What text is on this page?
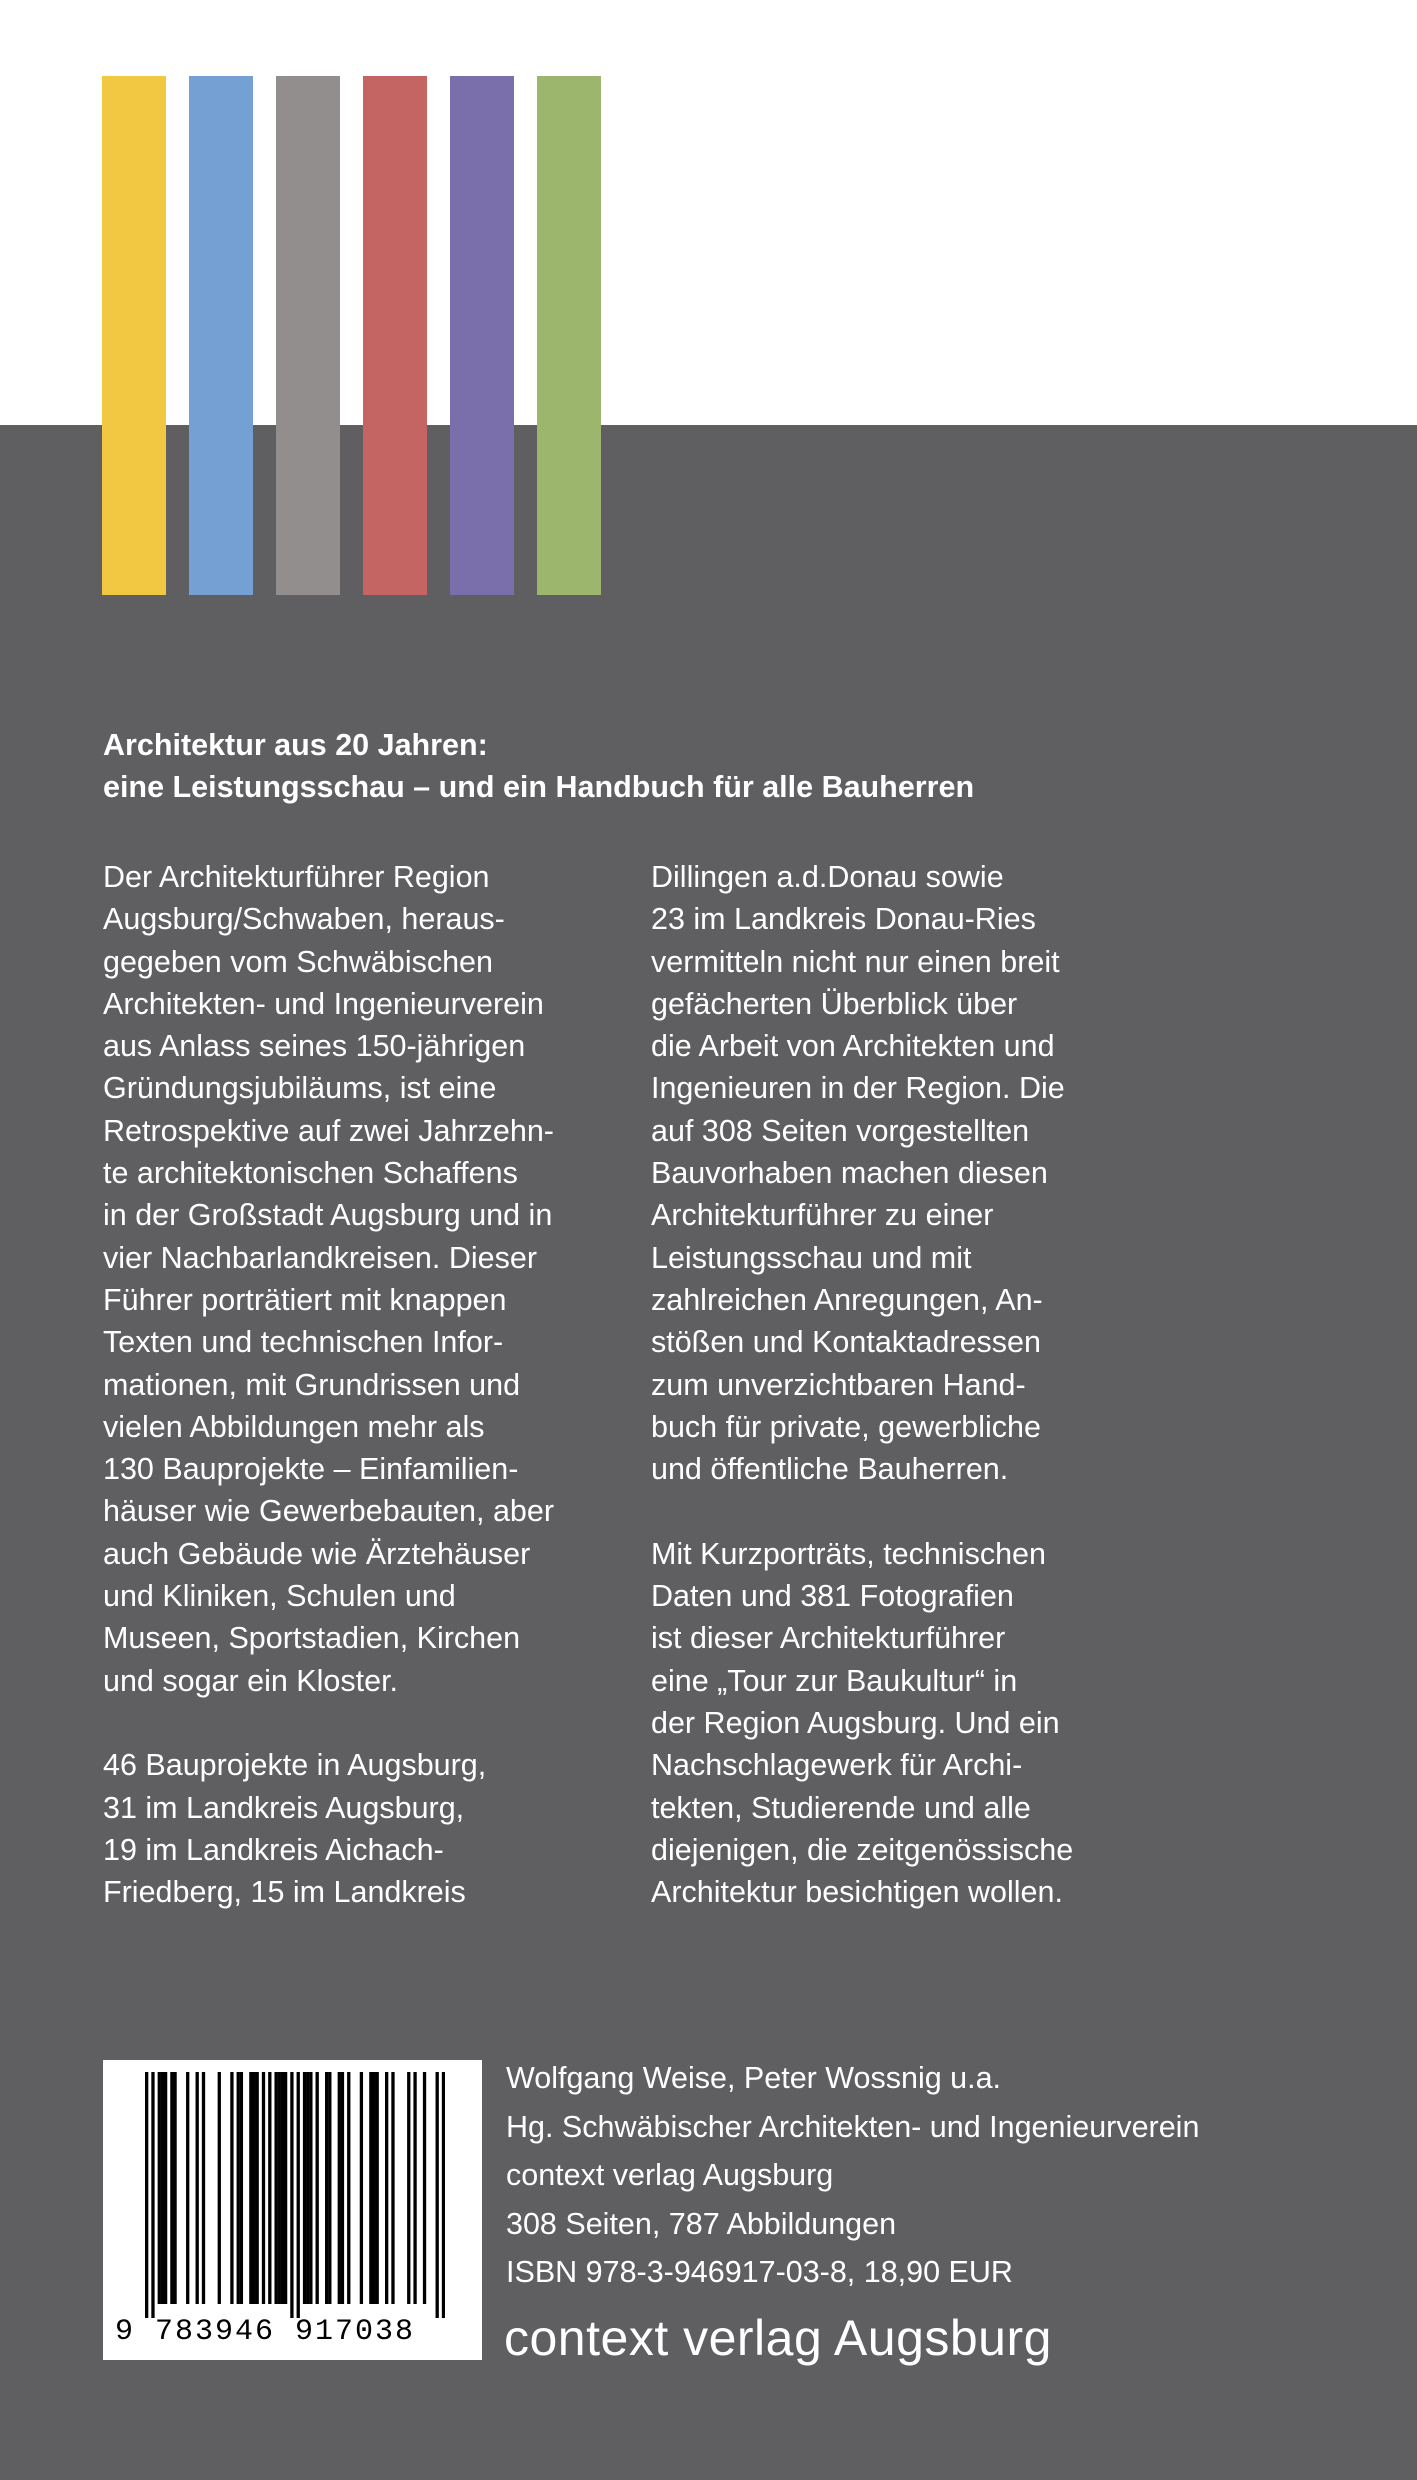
Architektur aus 20 Jahren:
eine Leistungsschau – und ein Handbuch für alle Bauherren

Der Architekturführer Region
Augsburg/Schwaben, heraus-
gegeben vom Schwäbischen
Architekten- und Ingenieurverein
aus Anlass seines 150-jährigen
Gründungsjubiläums, ist eine
Retrospektive auf zwei Jahrzehn-
te architektonischen Schaffens
in der Großstadt Augsburg und in
vier Nachbarlandkreisen. Dieser
Führer porträtiert mit knappen
Texten und technischen Infor-
mationen, mit Grundrissen und
vielen Abbildungen mehr als
130 Bauprojekte – Einfamilien-
häuser wie Gewerbebauten, aber
auch Gebäude wie Ärztehäuser
und Kliniken, Schulen und
Museen, Sportstadien, Kirchen
und sogar ein Kloster.

46 Bauprojekte in Augsburg,
31 im Landkreis Augsburg,
19 im Landkreis Aichach-
Friedberg, 15 im Landkreis

Dillingen a.d.Donau sowie
23 im Landkreis Donau-Ries
vermitteln nicht nur einen breit
gefächerten Überblick über
die Arbeit von Architekten und
Ingenieuren in der Region. Die
auf 308 Seiten vorgestellten
Bauvorhaben machen diesen
Architekturführer zu einer
Leistungsschau und mit
zahlreichen Anregungen, An-
stößen und Kontaktadressen
zum unverzichtbaren Hand-
buch für private, gewerbliche
und öffentliche Bauherren.

Mit Kurzporträts, technischen
Daten und 381 Fotografien
ist dieser Architekturführer
eine „Tour zur Baukultur“ in
der Region Augsburg. Und ein
Nachschlagewerk für Archi-
tekten, Studierende und alle
diejenigen, die zeitgenössische
Architektur besichtigen wollen.

9 783946 917038
Wolfgang Weise, Peter Wossnig u.a.
Hg. Schwäbischer Architekten- und Ingenieurverein
context verlag Augsburg
308 Seiten, 787 Abbildungen
ISBN 978-3-946917-03-8, 18,90 EUR
context verlag Augsburg
